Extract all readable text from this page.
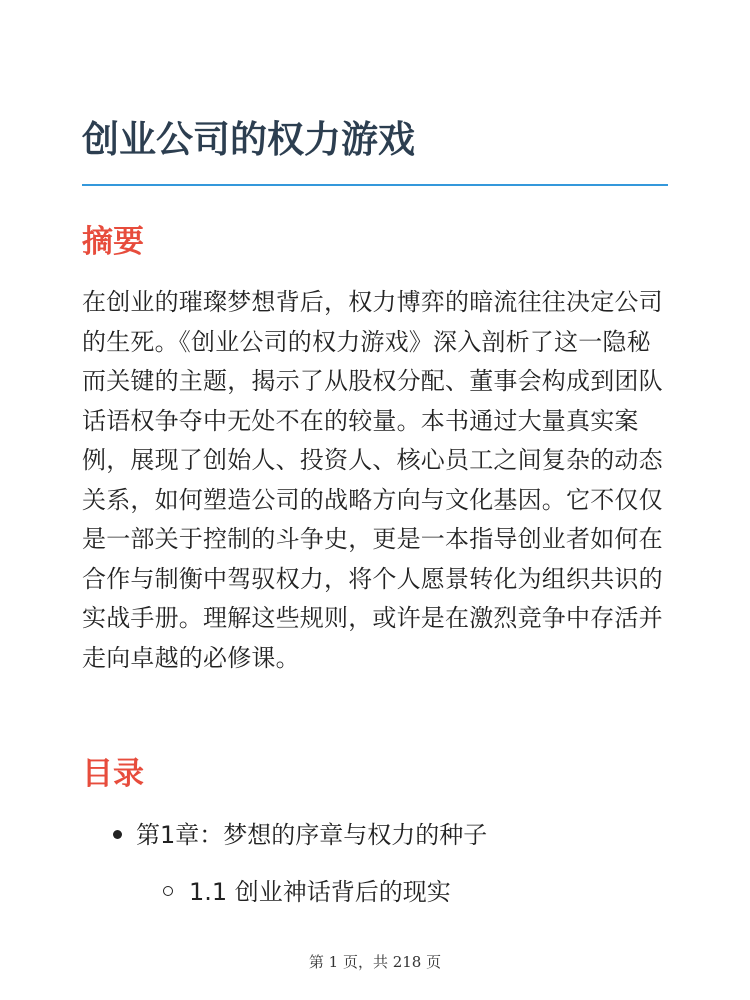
创业公司的权力游戏
摘要

在创业的璀璨梦想背后，权力博弈的暗流往往决定公司的生死。《创业公司的权力游戏》深入剖析了这一隐秘而关键的主题，揭示了从股权分配、董事会构成到团队话语权争夺中无处不在的较量。本书通过大量真实案例，展现了创始人、投资人、核心员工之间复杂的动态关系，如何塑造公司的战略方向与文化基因。它不仅仅是一部关于控制的斗争史，更是一本指导创业者如何在合作与制衡中驾驭权力，将个人愿景转化为组织共识的实战手册。理解这些规则，或许是在激烈竞争中存活并走向卓越的必修课。

目录
第1章：梦想的序章与权力的种子
1.1 创业神话背后的现实
第 1 页，共 218 页
